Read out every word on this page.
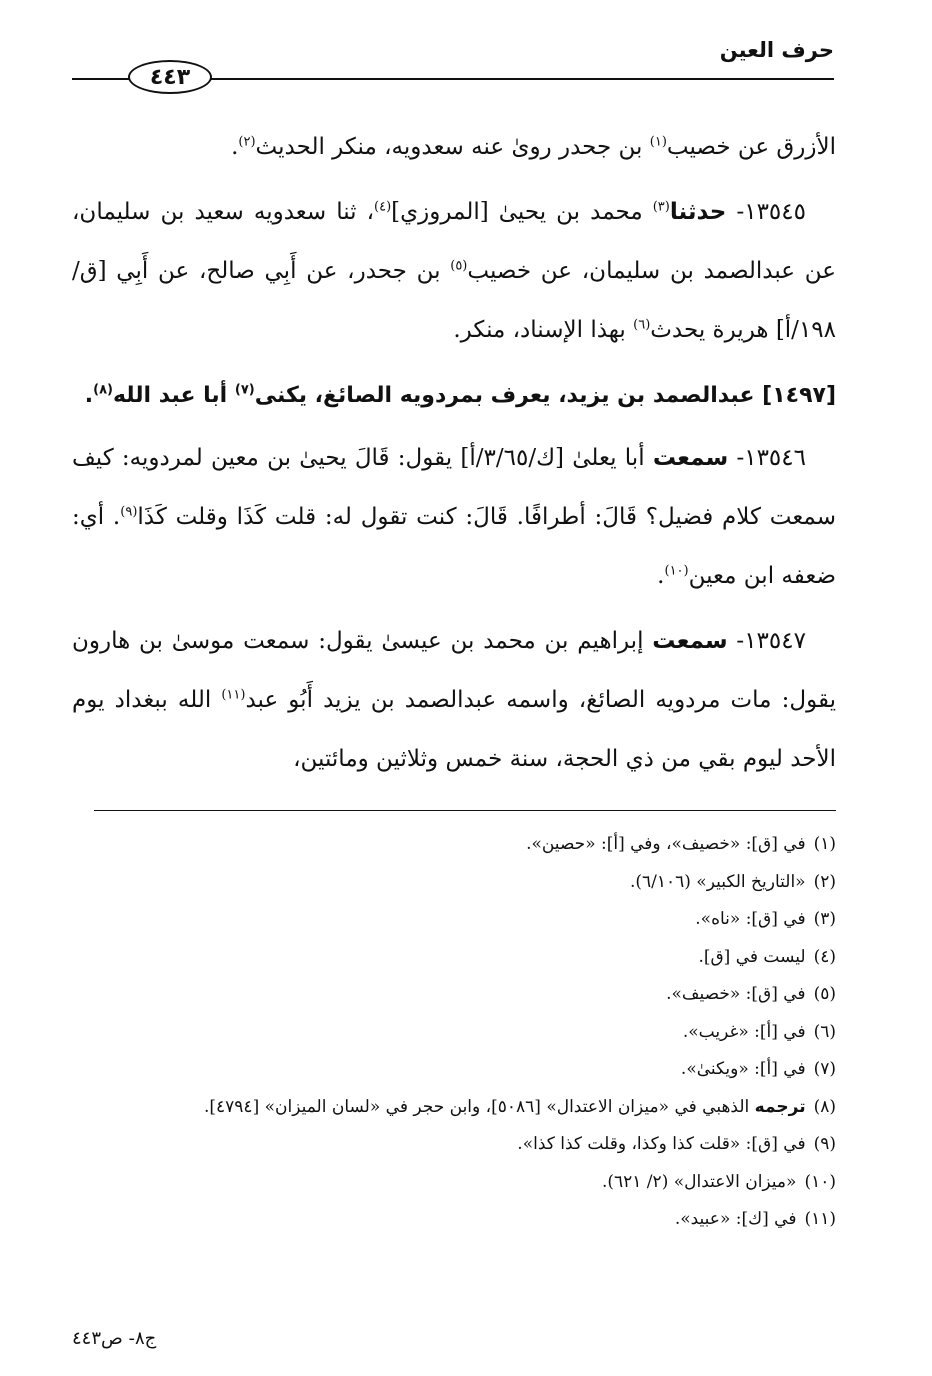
حرف العين
٤٤٣

الأزرق عن خصيب$^{(١)}$ بن جحدر روىٰ عنه سعدويه، منكر الحديث$^{(٢)}$.

١٣٥٤٥- حدثنا$^{(٣)}$ محمد بن يحيىٰ [المروزي]$^{(٤)}$، ثنا سعدويه سعيد بن سليمان، عن عبدالصمد بن سليمان، عن خصيب$^{(٥)}$ بن جحدر، عن أَبِي صالح، عن أَبِي [ق/١٩٨/أ] هريرة يحدث$^{(٦)}$ بهذا الإسناد، منكر.

[١٤٩٧] عبدالصمد بن يزيد، يعرف بمردويه الصائغ، يكنى$^{(٧)}$ أبا عبد الله$^{(٨)}$.

١٣٥٤٦- سمعت أبا يعلىٰ [ك/٣/٦٥/أ] يقول: قَالَ يحيىٰ بن معين لمردويه: كيف سمعت كلام فضيل؟ قَالَ: أطرافًا. قَالَ: كنت تقول له: قلت كَذَا وقلت كَذَا$^{(٩)}$. أي: ضعفه ابن معين$^{(١٠)}$.

١٣٥٤٧- سمعت إبراهيم بن محمد بن عيسىٰ يقول: سمعت موسىٰ بن هارون يقول: مات مردويه الصائغ، واسمه عبدالصمد بن يزيد أَبُو عبد$^{(١١)}$ الله ببغداد يوم الأحد ليوم بقي من ذي الحجة، سنة خمس وثلاثين ومائتين،

(١)في [ق]: «خصيف»، وفي [أ]: «حصين».
(٢)«التاريخ الكبير» (٦/١٠٦).
(٣)في [ق]: «ناه».
(٤)ليست في [ق].
(٥)في [ق]: «خصيف».
(٦)في [أ]: «غريب».
(٧)في [أ]: «ويكنىٰ».
(٨)ترجمه الذهبي في «ميزان الاعتدال» [٥٠٨٦]، وابن حجر في «لسان الميزان» [٤٧٩٤].
(٩)في [ق]: «قلت كذا وكذا، وقلت كذا كذا».
(١٠)«ميزان الاعتدال» (٢/ ٦٢١).
(١١)في [ك]: «عبيد».
ج٨- ص٤٤٣
